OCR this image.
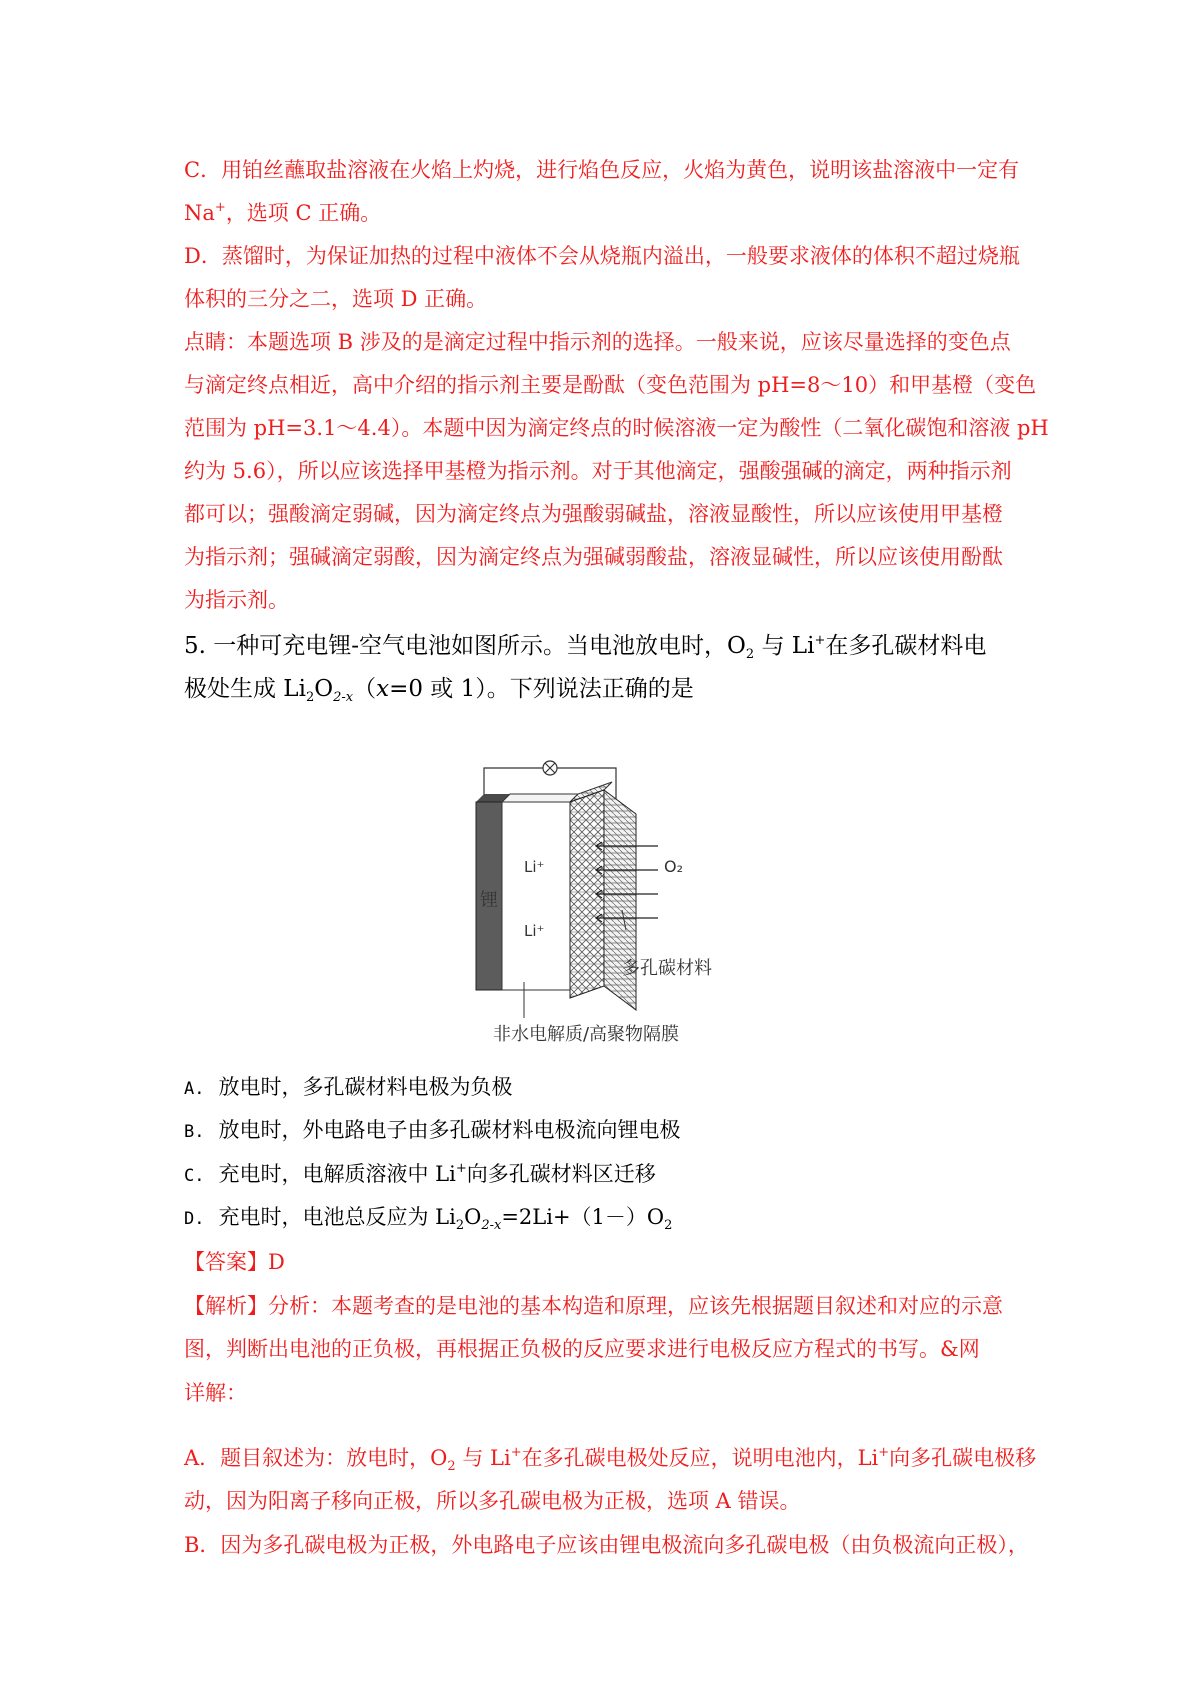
C．用铂丝蘸取盐溶液在火焰上灼烧，进行焰色反应，火焰为黄色，说明该盐溶液中一定有
Na+，选项 C 正确。
D．蒸馏时，为保证加热的过程中液体不会从烧瓶内溢出，一般要求液体的体积不超过烧瓶
体积的三分之二，选项 D 正确。
点睛：本题选项 B 涉及的是滴定过程中指示剂的选择。一般来说，应该尽量选择的变色点
与滴定终点相近，高中介绍的指示剂主要是酚酞（变色范围为 pH=8～10）和甲基橙（变色
范围为 pH=3.1～4.4）。本题中因为滴定终点的时候溶液一定为酸性（二氧化碳饱和溶液 pH
约为 5.6），所以应该选择甲基橙为指示剂。对于其他滴定，强酸强碱的滴定，两种指示剂
都可以；强酸滴定弱碱，因为滴定终点为强酸弱碱盐，溶液显酸性，所以应该使用甲基橙
为指示剂；强碱滴定弱酸，因为滴定终点为强碱弱酸盐，溶液显碱性，所以应该使用酚酞
为指示剂。
5. 一种可充电锂-空气电池如图所示。当电池放电时，$O_2$ 与 Li+在多孔碳材料电
极处生成 $Li_2O_{2-x}(x=0$ 或 1）。下列说法正确的是
锂
Li⁺
Li⁺
O₂
多孔碳材料
非水电解质/高聚物隔膜
A. 放电时，多孔碳材料电极为负极
B. 放电时，外电路电子由多孔碳材料电极流向锂电极
C. 充电时，电解质溶液中 Li+向多孔碳材料区迁移
D. 充电时，电池总反应为 $Li_2O_{2-x}=2Li+(1-)O_2$
【答案】D
【解析】分析：本题考查的是电池的基本构造和原理，应该先根据题目叙述和对应的示意
图，判断出电池的正负极，再根据正负极的反应要求进行电极反应方程式的书写。&网
详解：
A．题目叙述为：放电时，$O_2$ 与 Li+在多孔碳电极处反应，说明电池内，Li+向多孔碳电极移
动，因为阳离子移向正极，所以多孔碳电极为正极，选项 A 错误。
B．因为多孔碳电极为正极，外电路电子应该由锂电极流向多孔碳电极（由负极流向正极），
